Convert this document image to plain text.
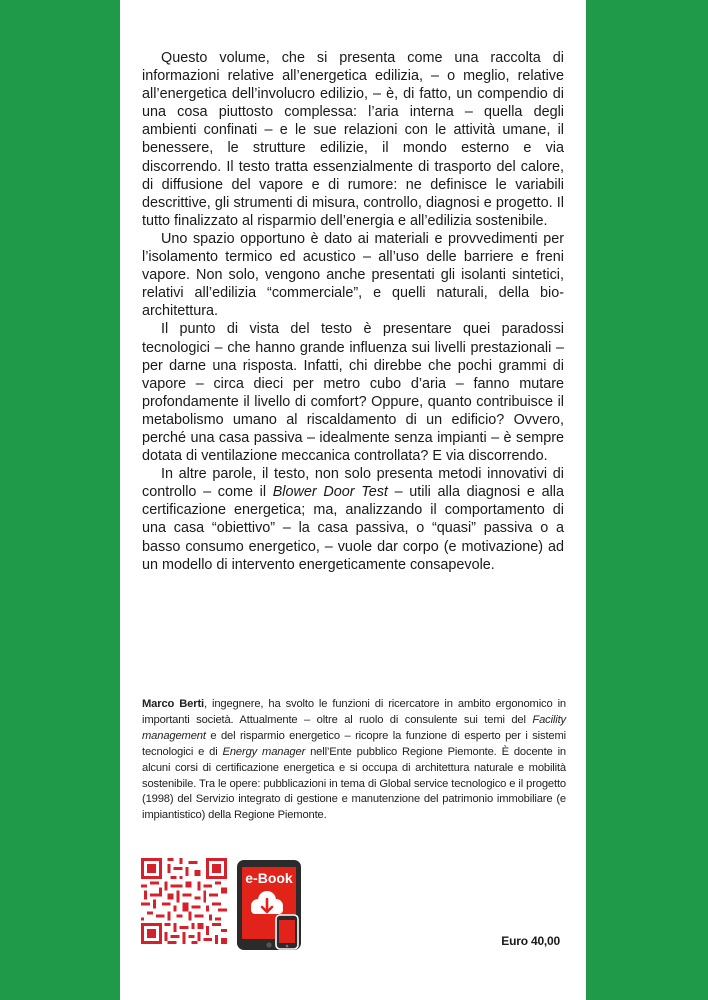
Questo volume, che si presenta come una raccolta di informazioni relative all’energetica edilizia, – o meglio, relative all’energetica dell’involucro edilizio, – è, di fatto, un compendio di una cosa piuttosto complessa: l’aria interna – quella degli ambienti confinati – e le sue relazioni con le attività umane, il benessere, le strutture edilizie, il mondo esterno e via discorrendo. Il testo tratta essenzialmente di trasporto del calore, di diffusione del vapore e di rumore: ne definisce le variabili descrittive, gli strumenti di misura, controllo, diagnosi e progetto. Il tutto finalizzato al risparmio dell’energia e all’edilizia sostenibile.

Uno spazio opportuno è dato ai materiali e provvedimenti per l’isolamento termico ed acustico – all’uso delle barriere e freni vapore. Non solo, vengono anche presentati gli isolanti sintetici, relativi all’edilizia “commerciale”, e quelli naturali, della bio-architettura.

Il punto di vista del testo è presentare quei paradossi tecnologici – che hanno grande influenza sui livelli prestazionali – per darne una risposta. Infatti, chi direbbe che pochi grammi di vapore – circa dieci per metro cubo d’aria – fanno mutare profondamente il livello di comfort? Oppure, quanto contribuisce il metabolismo umano al riscaldamento di un edificio? Ovvero, perché una casa passiva – idealmente senza impianti – è sempre dotata di ventilazione meccanica controllata? E via discorrendo.

In altre parole, il testo, non solo presenta metodi innovativi di controllo – come il Blower Door Test – utili alla diagnosi e alla certificazione energetica; ma, analizzando il comportamento di una casa “obiettivo” – la casa passiva, o “quasi” passiva o a basso consumo energetico, – vuole dar corpo (e motivazione) ad un modello di intervento energeticamente consapevole.

Marco Berti, ingegnere, ha svolto le funzioni di ricercatore in ambito ergonomico in importanti società. Attualmente – oltre al ruolo di consulente sui temi del Facility management e del risparmio energetico – ricopre la funzione di esperto per i sistemi tecnologici e di Energy manager nell’Ente pubblico Regione Piemonte. È docente in alcuni corsi di certificazione energetica e si occupa di architettura naturale e mobilità sostenibile. Tra le opere: pubblicazioni in tema di Global service tecnologico e il progetto (1998) del Servizio integrato di gestione e manutenzione del patrimonio immobiliare (e impiantistico) della Regione Piemonte.
e-Book
Euro 40,00
